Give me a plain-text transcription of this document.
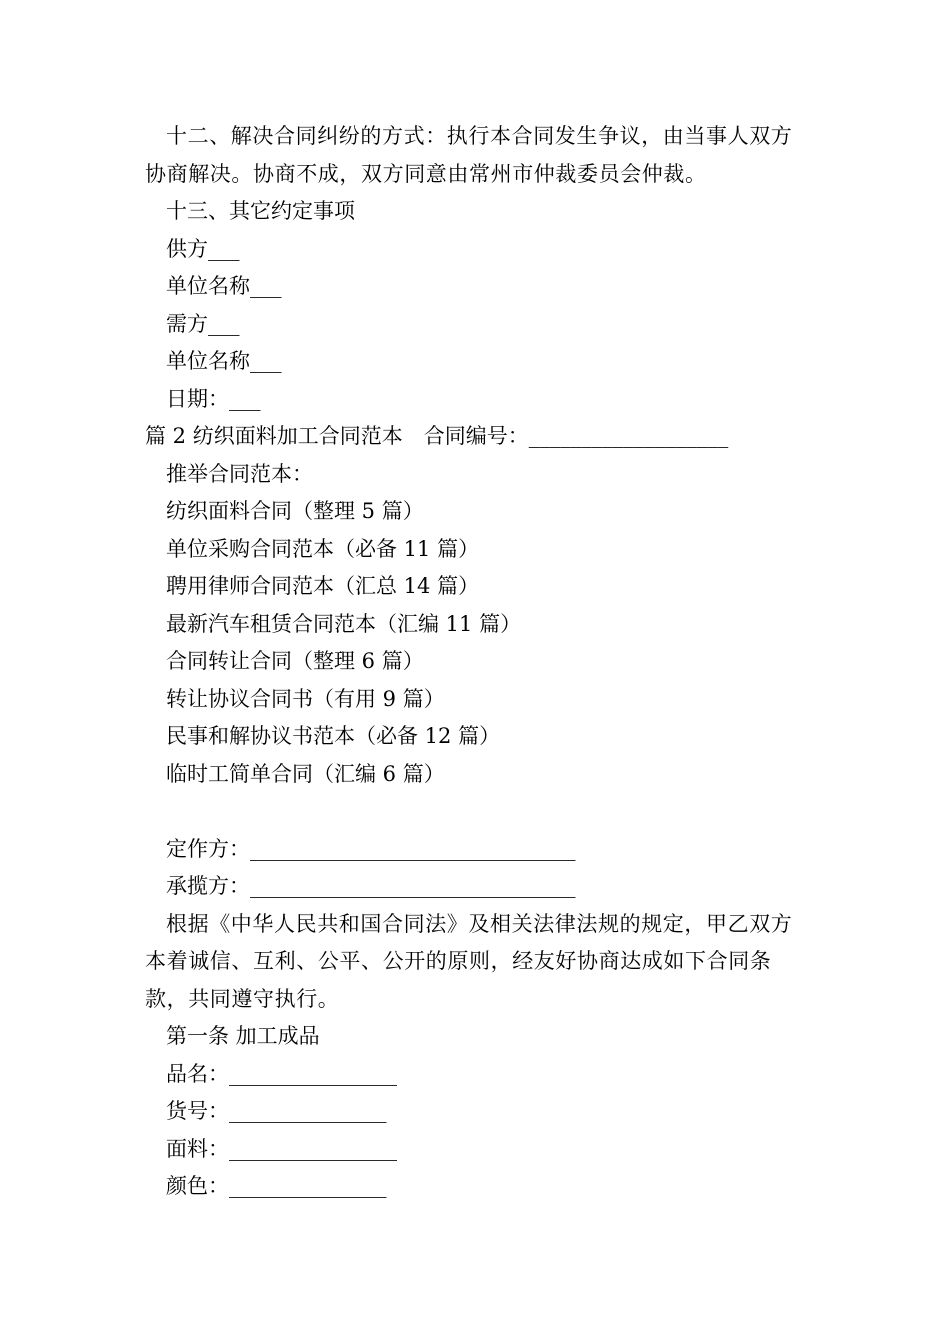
十二、解决合同纠纷的方式：执行本合同发生争议，由当事人双方协商解决。协商不成，双方同意由常州市仲裁委员会仲裁。

十三、其它约定事项

供方___

单位名称___

需方___

单位名称___

日期：___

篇 2 纺织面料加工合同范本　合同编号：___________________

推举合同范本：

纺织面料合同（整理 5 篇）

单位采购合同范本（必备 11 篇）

聘用律师合同范本（汇总 14 篇）

最新汽车租赁合同范本（汇编 11 篇）

合同转让合同（整理 6 篇）

转让协议合同书（有用 9 篇）

民事和解协议书范本（必备 12 篇）

临时工简单合同（汇编 6 篇）

定作方：_______________________________

承揽方：_______________________________

根据《中华人民共和国合同法》及相关法律法规的规定，甲乙双方本着诚信、互利、公平、公开的原则，经友好协商达成如下合同条款，共同遵守执行。

第一条 加工成品

品名：________________

货号：_______________

面料：________________

颜色：_______________
